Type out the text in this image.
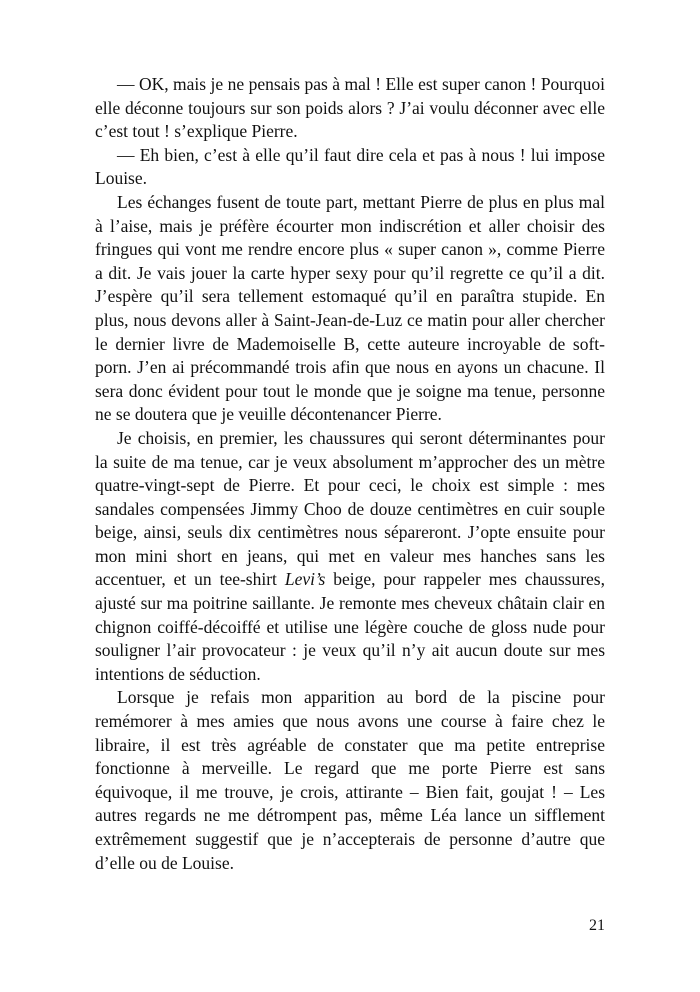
— OK, mais je ne pensais pas à mal ! Elle est super canon ! Pourquoi elle déconne toujours sur son poids alors ? J’ai voulu déconner avec elle c’est tout ! s’explique Pierre.

— Eh bien, c’est à elle qu’il faut dire cela et pas à nous ! lui impose Louise.

Les échanges fusent de toute part, mettant Pierre de plus en plus mal à l’aise, mais je préfère écourter mon indiscrétion et aller choisir des fringues qui vont me rendre encore plus « super canon », comme Pierre a dit. Je vais jouer la carte hyper sexy pour qu’il regrette ce qu’il a dit. J’espère qu’il sera tellement estomaqué qu’il en paraîtra stupide. En plus, nous devons aller à Saint-Jean-de-Luz ce matin pour aller chercher le dernier livre de Mademoiselle B, cette auteure incroyable de soft-porn. J’en ai précommandé trois afin que nous en ayons un chacune. Il sera donc évident pour tout le monde que je soigne ma tenue, personne ne se doutera que je veuille décontenancer Pierre.

Je choisis, en premier, les chaussures qui seront déterminantes pour la suite de ma tenue, car je veux absolument m’approcher des un mètre quatre-vingt-sept de Pierre. Et pour ceci, le choix est simple : mes sandales compensées Jimmy Choo de douze centimètres en cuir souple beige, ainsi, seuls dix centimètres nous sépareront. J’opte ensuite pour mon mini short en jeans, qui met en valeur mes hanches sans les accentuer, et un tee-shirt Levi’s beige, pour rappeler mes chaussures, ajusté sur ma poitrine saillante. Je remonte mes cheveux châtain clair en chignon coiffé-décoiffé et utilise une légère couche de gloss nude pour souligner l’air provocateur : je veux qu’il n’y ait aucun doute sur mes intentions de séduction.

Lorsque je refais mon apparition au bord de la piscine pour remémorer à mes amies que nous avons une course à faire chez le libraire, il est très agréable de constater que ma petite entreprise fonctionne à merveille. Le regard que me porte Pierre est sans équivoque, il me trouve, je crois, attirante – Bien fait, goujat ! – Les autres regards ne me détrompent pas, même Léa lance un sifflement extrêmement suggestif que je n’accepterais de personne d’autre que d’elle ou de Louise.

21
